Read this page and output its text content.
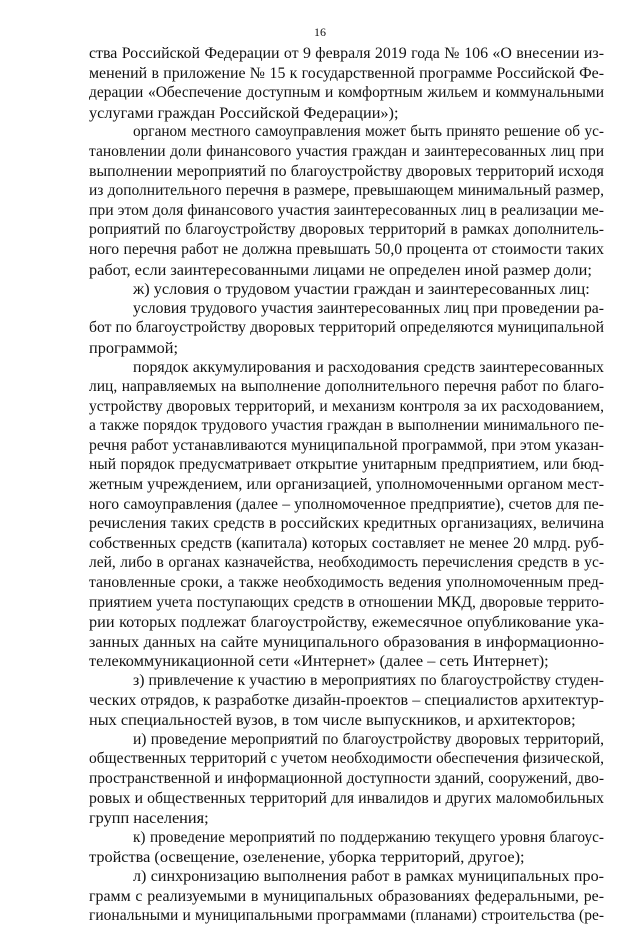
16
ства Российской Федерации от 9 февраля 2019 года № 106 «О внесении из-
менений в приложение № 15 к государственной программе Российской Фе-
дерации «Обеспечение доступным и комфортным жильем и коммунальными
услугами граждан Российской Федерации»);
органом местного самоуправления может быть принято решение об ус-
тановлении доли финансового участия граждан и заинтересованных лиц при
выполнении мероприятий по благоустройству дворовых территорий исходя
из дополнительного перечня в размере, превышающем минимальный размер,
при этом доля финансового участия заинтересованных лиц в реализации ме-
роприятий по благоустройству дворовых территорий в рамках дополнитель-
ного перечня работ не должна превышать 50,0 процента от стоимости таких
работ, если заинтересованными лицами не определен иной размер доли;
ж) условия о трудовом участии граждан и заинтересованных лиц:
условия трудового участия заинтересованных лиц при проведении ра-
бот по благоустройству дворовых территорий определяются муниципальной
программой;
порядок аккумулирования и расходования средств заинтересованных
лиц, направляемых на выполнение дополнительного перечня работ по благо-
устройству дворовых территорий, и механизм контроля за их расходованием,
а также порядок трудового участия граждан в выполнении минимального пе-
речня работ устанавливаются муниципальной программой, при этом указан-
ный порядок предусматривает открытие унитарным предприятием, или бюд-
жетным учреждением, или организацией, уполномоченными органом мест-
ного самоуправления (далее – уполномоченное предприятие), счетов для пе-
речисления таких средств в российских кредитных организациях, величина
собственных средств (капитала) которых составляет не менее 20 млрд. руб-
лей, либо в органах казначейства, необходимость перечисления средств в ус-
тановленные сроки, а также необходимость ведения уполномоченным пред-
приятием учета поступающих средств в отношении МКД, дворовые террито-
рии которых подлежат благоустройству, ежемесячное опубликование ука-
занных данных на сайте муниципального образования в информационно-
телекоммуникационной сети «Интернет» (далее – сеть Интернет);
з) привлечение к участию в мероприятиях по благоустройству студен-
ческих отрядов, к разработке дизайн-проектов – специалистов архитектур-
ных специальностей вузов, в том числе выпускников, и архитекторов;
и) проведение мероприятий по благоустройству дворовых территорий,
общественных территорий с учетом необходимости обеспечения физической,
пространственной и информационной доступности зданий, сооружений, дво-
ровых и общественных территорий для инвалидов и других маломобильных
групп населения;
к) проведение мероприятий по поддержанию текущего уровня благоус-
тройства (освещение, озеленение, уборка территорий, другое);
л) синхронизацию выполнения работ в рамках муниципальных про-
грамм с реализуемыми в муниципальных образованиях федеральными, ре-
гиональными и муниципальными программами (планами) строительства (ре-
